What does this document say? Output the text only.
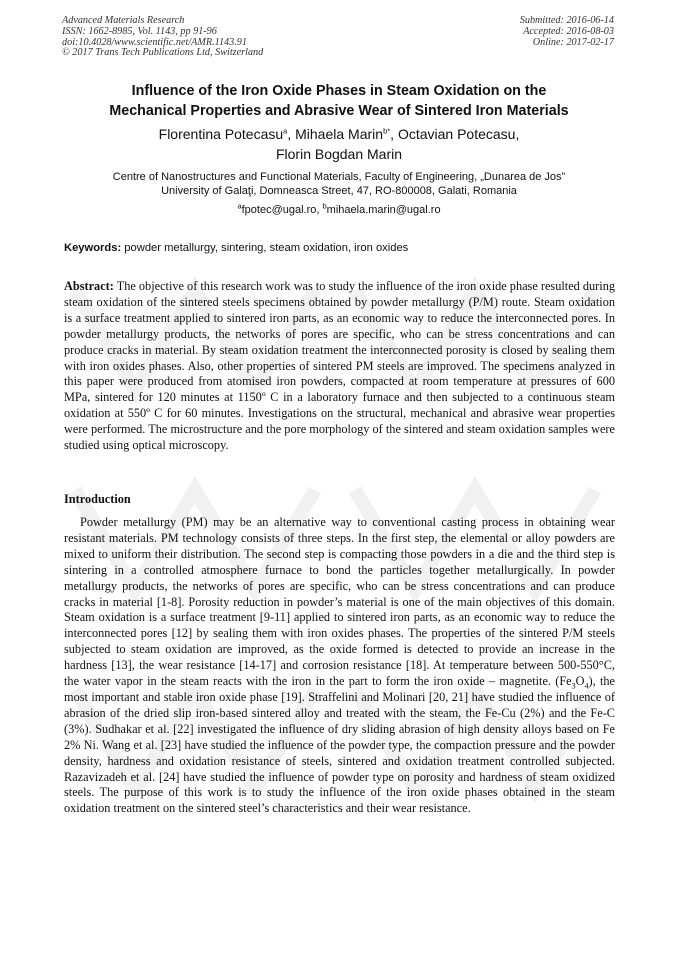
Advanced Materials Research
ISSN: 1662-8985, Vol. 1143, pp 91-96
doi:10.4028/www.scientific.net/AMR.1143.91
© 2017 Trans Tech Publications Ltd, Switzerland
Submitted: 2016-06-14
Accepted: 2016-08-03
Online: 2017-02-17
Influence of the Iron Oxide Phases in Steam Oxidation on the
Mechanical Properties and Abrasive Wear of Sintered Iron Materials
Florentina Potecasu$^a$, Mihaela Marin$^{b*}$, Octavian Potecasu,
Florin Bogdan Marin
Centre of Nanostructures and Functional Materials, Faculty of Engineering, „Dunarea de Jos”
University of Galaţi, Domneasca Street, 47, RO-800008, Galati, Romania
$^a$fpotec@ugal.ro, $^b$mihaela.marin@ugal.ro
Keywords: powder metallurgy, sintering, steam oxidation, iron oxides
Abstract: The objective of this research work was to study the influence of the iron oxide phase resulted during steam oxidation of the sintered steels specimens obtained by powder metallurgy (P/M) route. Steam oxidation is a surface treatment applied to sintered iron parts, as an economic way to reduce the interconnected pores. In powder metallurgy products, the networks of pores are specific, who can be stress concentrations and can produce cracks in material. By steam oxidation treatment the interconnected porosity is closed by sealing them with iron oxides phases. Also, other properties of sintered PM steels are improved. The specimens analyzed in this paper were produced from atomised iron powders, compacted at room temperature at pressures of 600 MPa, sintered for 120 minutes at 1150º C in a laboratory furnace and then subjected to a continuous steam oxidation at 550º C for 60 minutes. Investigations on the structural, mechanical and abrasive wear properties were performed. The microstructure and the pore morphology of the sintered and steam oxidation samples were studied using optical microscopy.
Introduction
Powder metallurgy (PM) may be an alternative way to conventional casting process in obtaining wear resistant materials. PM technology consists of three steps. In the first step, the elemental or alloy powders are mixed to uniform their distribution. The second step is compacting those powders in a die and the third step is sintering in a controlled atmosphere furnace to bond the particles together metallurgically. In powder metallurgy products, the networks of pores are specific, who can be stress concentrations and can produce cracks in material [1-8]. Porosity reduction in powder’s material is one of the main objectives of this domain. Steam oxidation is a surface treatment [9-11] applied to sintered iron parts, as an economic way to reduce the interconnected pores [12] by sealing them with iron oxides phases. The properties of the sintered P/M steels subjected to steam oxidation are improved, as the oxide formed is detected to provide an increase in the hardness [13], the wear resistance [14-17] and corrosion resistance [18]. At temperature between 500-550°C, the water vapor in the steam reacts with the iron in the part to form the iron oxide – magnetite. $(Fe_3O_4)$, the most important and stable iron oxide phase [19]. Straffelini and Molinari [20, 21] have studied the influence of abrasion of the dried slip iron-based sintered alloy and treated with the steam, the Fe-Cu (2%) and the Fe-C (3%). Sudhakar et al. [22] investigated the influence of dry sliding abrasion of high density alloys based on Fe 2% Ni. Wang et al. [23] have studied the influence of the powder type, the compaction pressure and the powder density, hardness and oxidation resistance of steels, sintered and oxidation treatment controlled subjected. Razavizadeh et al. [24] have studied the influence of powder type on porosity and hardness of steam oxidized steels. The purpose of this work is to study the influence of the iron oxide phases obtained in the steam oxidation treatment on the sintered steel’s characteristics and their wear resistance.
